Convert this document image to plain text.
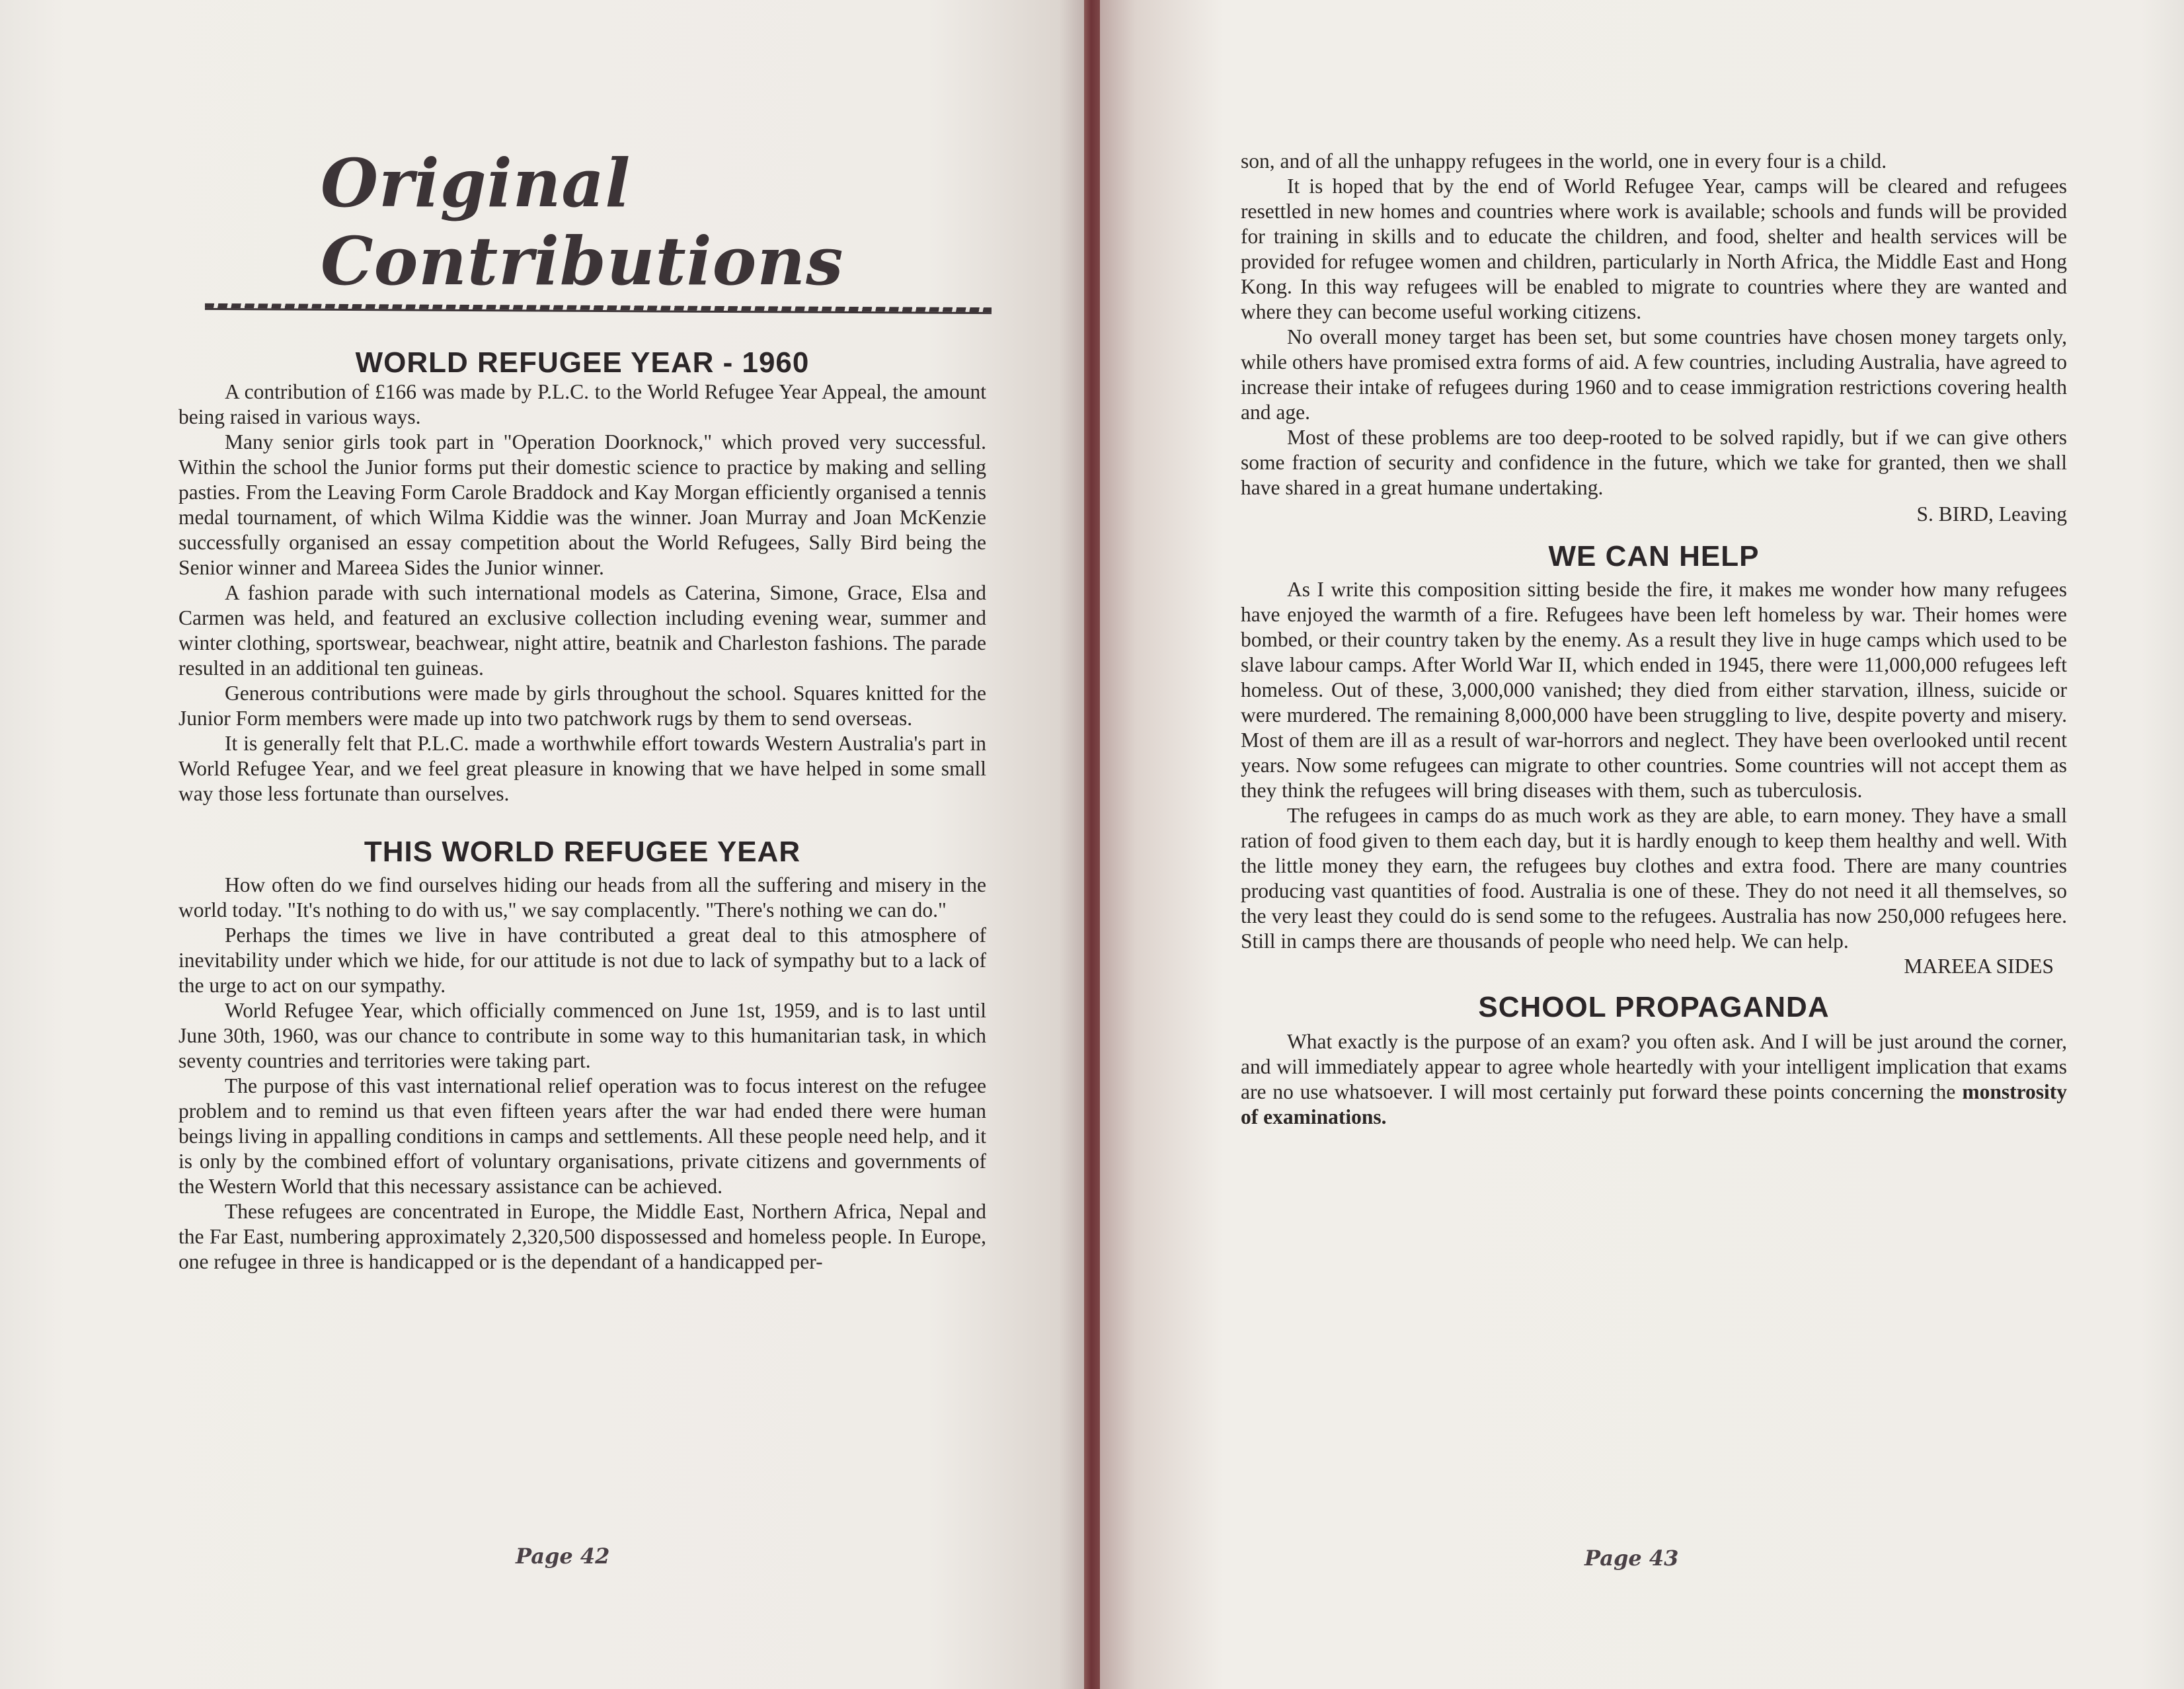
Original Contributions
WORLD REFUGEE YEAR - 1960

A contribution of £166 was made by P.L.C. to the World Refugee Year Appeal, the amount being raised in various ways.

Many senior girls took part in "Operation Doorknock," which proved very successful. Within the school the Junior forms put their domestic science to practice by making and selling pasties. From the Leaving Form Carole Braddock and Kay Morgan efficiently organised a tennis medal tournament, of which Wilma Kiddie was the winner. Joan Murray and Joan McKenzie successfully organised an essay competition about the World Refugees, Sally Bird being the Senior winner and Mareea Sides the Junior winner.

A fashion parade with such international models as Caterina, Simone, Grace, Elsa and Carmen was held, and featured an exclusive collection including evening wear, summer and winter clothing, sportswear, beachwear, night attire, beatnik and Charleston fashions. The parade resulted in an additional ten guineas.

Generous contributions were made by girls throughout the school. Squares knitted for the Junior Form members were made up into two patchwork rugs by them to send overseas.

It is generally felt that P.L.C. made a worthwhile effort towards Western Australia's part in World Refugee Year, and we feel great pleasure in knowing that we have helped in some small way those less fortunate than ourselves.

THIS WORLD REFUGEE YEAR

How often do we find ourselves hiding our heads from all the suffering and misery in the world today. "It's nothing to do with us," we say complacently. "There's nothing we can do."

Perhaps the times we live in have contributed a great deal to this atmosphere of inevitability under which we hide, for our attitude is not due to lack of sympathy but to a lack of the urge to act on our sympathy.

World Refugee Year, which officially commenced on June 1st, 1959, and is to last until June 30th, 1960, was our chance to contribute in some way to this humanitarian task, in which seventy countries and territories were taking part.

The purpose of this vast international relief operation was to focus interest on the refugee problem and to remind us that even fifteen years after the war had ended there were human beings living in appalling conditions in camps and settlements. All these people need help, and it is only by the combined effort of voluntary organisations, private citizens and governments of the Western World that this necessary assistance can be achieved.

These refugees are concentrated in Europe, the Middle East, Northern Africa, Nepal and the Far East, numbering approximately 2,320,500 dispossessed and homeless people. In Europe, one refugee in three is handicapped or is the dependant of a handicapped per-

Page 42

son, and of all the unhappy refugees in the world, one in every four is a child.

It is hoped that by the end of World Refugee Year, camps will be cleared and refugees resettled in new homes and countries where work is available; schools and funds will be provided for training in skills and to educate the children, and food, shelter and health services will be provided for refugee women and children, particularly in North Africa, the Middle East and Hong Kong. In this way refugees will be enabled to migrate to countries where they are wanted and where they can become useful working citizens.

No overall money target has been set, but some countries have chosen money targets only, while others have promised extra forms of aid. A few countries, including Australia, have agreed to increase their intake of refugees during 1960 and to cease immigration restrictions covering health and age.

Most of these problems are too deep-rooted to be solved rapidly, but if we can give others some fraction of security and confidence in the future, which we take for granted, then we shall have shared in a great humane undertaking.

S. BIRD, Leaving
WE CAN HELP

As I write this composition sitting beside the fire, it makes me wonder how many refugees have enjoyed the warmth of a fire. Refugees have been left homeless by war. Their homes were bombed, or their country taken by the enemy. As a result they live in huge camps which used to be slave labour camps. After World War II, which ended in 1945, there were 11,000,000 refugees left homeless. Out of these, 3,000,000 vanished; they died from either starvation, illness, suicide or were murdered. The remaining 8,000,000 have been struggling to live, despite poverty and misery. Most of them are ill as a result of war-horrors and neglect. They have been overlooked until recent years. Now some refugees can migrate to other countries. Some countries will not accept them as they think the refugees will bring diseases with them, such as tuberculosis.

The refugees in camps do as much work as they are able, to earn money. They have a small ration of food given to them each day, but it is hardly enough to keep them healthy and well. With the little money they earn, the refugees buy clothes and extra food. There are many countries producing vast quantities of food. Australia is one of these. They do not need it all themselves, so the very least they could do is send some to the refugees. Australia has now 250,000 refugees here. Still in camps there are thousands of people who need help. We can help.

MAREEA SIDES
SCHOOL PROPAGANDA

What exactly is the purpose of an exam? you often ask. And I will be just around the corner, and will immediately appear to agree whole heartedly with your intelligent implication that exams are no use whatsoever. I will most certainly put forward these points concerning the monstrosity of examinations.

Page 43
